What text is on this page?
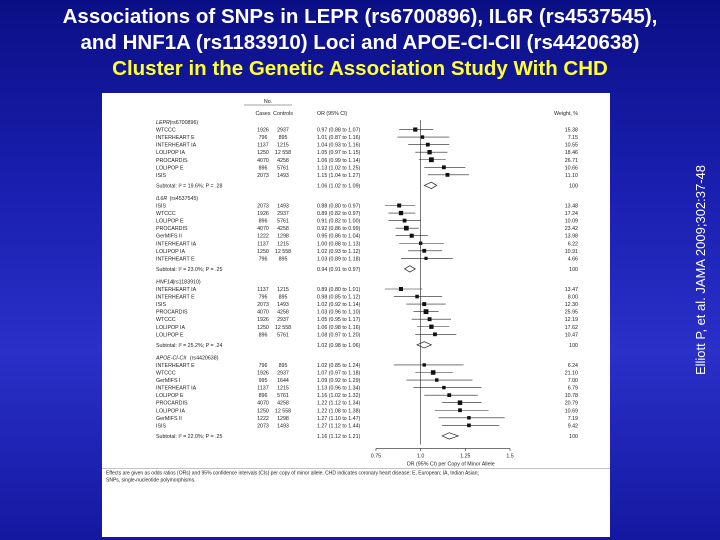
Associations of SNPs in LEPR (rs6700896), IL6R (rs4537545),
and HNF1A (rs1183910) Loci and APOE-CI-CII (rs4420638)
Cluster in the Genetic Association Study With CHD
Elliott P, et al. JAMA 2009;302:37-48
No.
Cases Controls	OR (95% CI)	Weight, %
LEPR (rs6700896)
WTCCC	1926 2937	0.97 (0.88 to 1.07)	15.38
INTERHEART E	796 895	1.01 (0.87 to 1.16)	7.15
INTERHEART IA	1137 1215	1.04 (0.93 to 1.16)	10.55
LOLIPOP IA	1250 12 558	1.05 (0.97 to 1.15)	18.46
PROCARDIS	4070 4258	1.06 (0.99 to 1.14)	26.71
LOLIPOP E	896 5761	1.13 (1.02 to 1.25)	10.66
ISIS	2073 1493	1.15 (1.04 to 1.27)	11.10
Subtotal: I² = 19.6%; P = .28	1.06 (1.02 to 1.09)	100
IL6R (rs4537545)
ISIS	2073 1493	0.88 (0.80 to 0.97)	13.48
WTCCC	1926 2937	0.89 (0.82 to 0.97)	17.24
LOLIPOP E	896 5761	0.91 (0.82 to 1.00)	10.09
PROCARDIS	4070 4258	0.92 (0.86 to 0.99)	23.42
GerMIFS II	1222 1298	0.95 (0.86 to 1.04)	13.98
INTERHEART IA	1137 1215	1.00 (0.88 to 1.13)	6.22
LOLIPOP IA	1250 12 558	1.02 (0.93 to 1.12)	10.91
INTERHEART E	796 895	1.03 (0.89 to 1.18)	4.66
Subtotal: I² = 23.0%; P = .25	0.94 (0.91 to 0.97)	100
HNF1A (rs1183910)
INTERHEART IA	1137 1215	0.89 (0.80 to 1.01)	13.47
INTERHEART E	796 895	0.98 (0.85 to 1.12)	8.00
ISIS	2073 1493	1.02 (0.92 to 1.14)	12.30
PROCARDIS	4070 4258	1.03 (0.96 to 1.10)	25.95
WTCCC	1926 2937	1.05 (0.95 to 1.17)	12.19
LOLIPOP IA	1250 12 558	1.06 (0.98 to 1.16)	17.62
LOLIPOP E	896 5761	1.08 (0.97 to 1.20)	10.47
Subtotal: I² = 25.2%; P = .24	1.02 (0.98 to 1.06)	100
APOE-CI-CII (rs4420638)
INTERHEART E	796 895	1.02 (0.85 to 1.24)	6.24
WTCCC	1926 2937	1.07 (0.97 to 1.18)	21.10
GerMIFS I	995 1644	1.09 (0.92 to 1.29)	7.00
INTERHEART IA	1137 1215	1.13 (0.96 to 1.34)	6.79
LOLIPOP E	896 5761	1.16 (1.02 to 1.32)	10.78
PROCARDIS	4070 4258	1.22 (1.12 to 1.34)	20.79
LOLIPOP IA	1250 12 558	1.22 (1.08 to 1.38)	10.69
GerMIFS II	1222 1298	1.27 (1.10 to 1.47)	7.19
ISIS	2073 1493	1.27 (1.12 to 1.44)	9.42
Subtotal: I² = 22.0%; P = .25	1.16 (1.12 to 1.21)	100
0.75	1.0	1.25	1.5
OR (95% CI) per Copy of Minor Allele
Effects are given as odds ratios (ORs) and 95% confidence intervals (CIs) per copy of minor allele. CHD indicates coronary heart disease; E, European; IA, Indian Asian;
SNPs, single-nucleotide polymorphisms.
